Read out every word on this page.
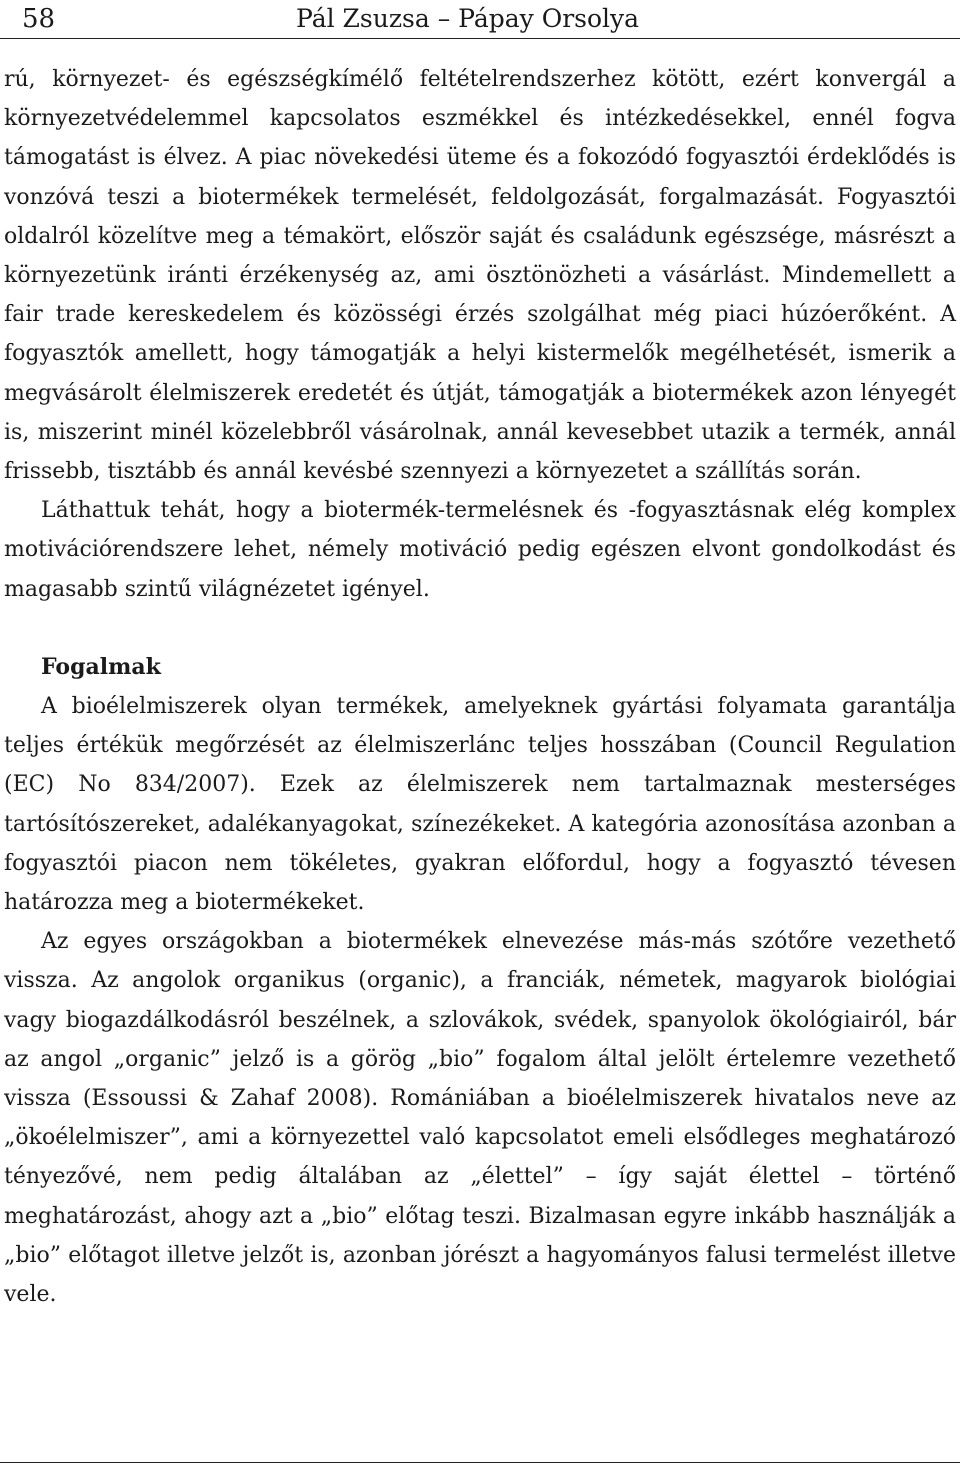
58	Pál Zsuzsa – Pápay Orsolya

rú, környezet- és egészségkímélő feltételrendszerhez kötött, ezért konvergál a környezetvédelemmel kapcsolatos eszmékkel és intézkedésekkel, ennél fogva támogatást is élvez. A piac növekedési üteme és a fokozódó fogyasztói érdeklődés is vonzóvá teszi a biotermékek termelését, feldolgozását, forgalmazását. Fogyasztói oldalról közelítve meg a témakört, először saját és családunk egészsége, másrészt a környezetünk iránti érzékenység az, ami ösztönözheti a vásárlást. Mindemellett a fair trade kereskedelem és közösségi érzés szolgálhat még piaci húzóerőként. A fogyasztók amellett, hogy támogatják a helyi kistermelők megélhetését, ismerik a megvásárolt élelmiszerek eredetét és útját, támogatják a biotermékek azon lényegét is, miszerint minél közelebbről vásárolnak, annál kevesebbet utazik a termék, annál frissebb, tisztább és annál kevésbé szennyezi a környezetet a szállítás során.

Láthattuk tehát, hogy a biotermék-termelésnek és -fogyasztásnak elég komplex motivációrendszere lehet, némely motiváció pedig egészen elvont gondolkodást és magasabb szintű világnézetet igényel.

Fogalmak

A bioélelmiszerek olyan termékek, amelyeknek gyártási folyamata garantálja teljes értékük megőrzését az élelmiszerlánc teljes hosszában (Council Regulation (EC) No 834/2007). Ezek az élelmiszerek nem tartalmaznak mesterséges tartósítószereket, adalékanyagokat, színezékeket. A kategória azonosítása azonban a fogyasztói piacon nem tökéletes, gyakran előfordul, hogy a fogyasztó tévesen határozza meg a biotermékeket.

Az egyes országokban a biotermékek elnevezése más-más szótőre vezethető vissza. Az angolok organikus (organic), a franciák, németek, magyarok biológiai vagy biogazdálkodásról beszélnek, a szlovákok, svédek, spanyolok ökológiairól, bár az angol „organic” jelző is a görög „bio” fogalom által jelölt értelemre vezethető vissza (Essoussi & Zahaf 2008). Romániában a bioélelmiszerek hivatalos neve az „ökoélelmiszer”, ami a környezettel való kapcsolatot emeli elsődleges meghatározó tényezővé, nem pedig általában az „élettel” – így saját élettel – történő meghatározást, ahogy azt a „bio” előtag teszi. Bizalmasan egyre inkább használják a „bio” előtagot illetve jelzőt is, azonban jórészt a hagyományos falusi termelést illetve vele.
